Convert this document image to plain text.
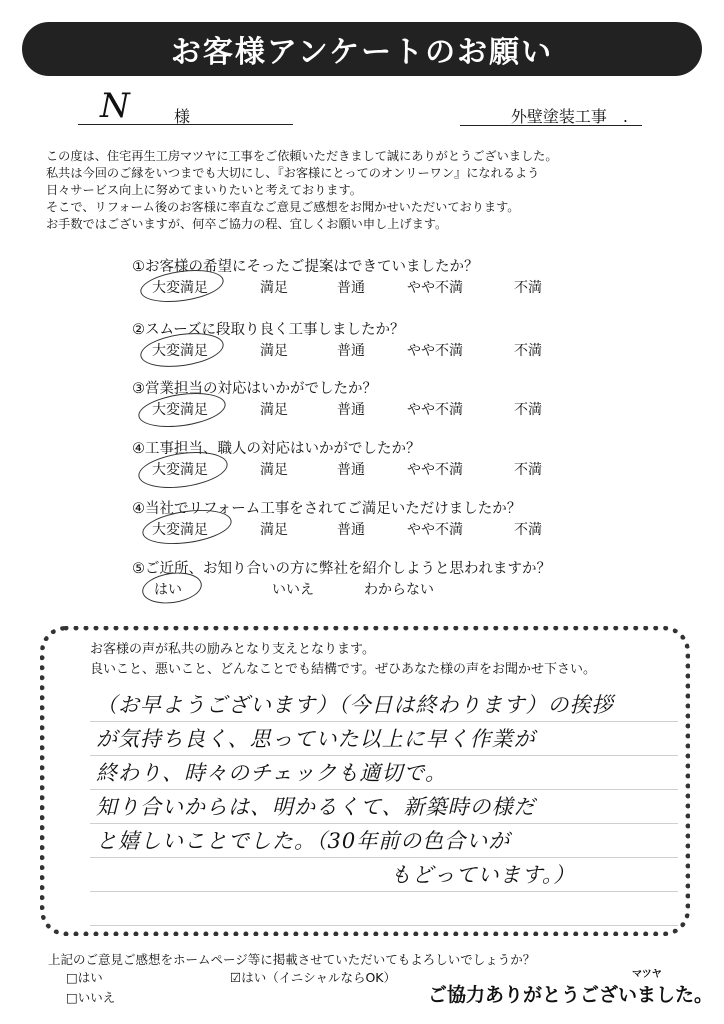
お客様アンケートのお願い
N	様	外壁塗装工事　.
この度は、住宅再生工房マツヤに工事をご依頼いただきまして誠にありがとうございました。
私共は今回のご縁をいつまでも大切にし、『お客様にとってのオンリーワン』になれるよう
日々サービス向上に努めてまいりたいと考えております。
そこで、リフォーム後のお客様に率直なご意見ご感想をお聞かせいただいております。
お手数ではございますが、何卒ご協力の程、宜しくお願い申し上げます。
①お客様の希望にそったご提案はできていましたか？
大変満足	満足	普通	やや不満	不満
②スムーズに段取り良く工事しましたか？
大変満足	満足	普通	やや不満	不満
③営業担当の対応はいかがでしたか？
大変満足	満足	普通	やや不満	不満
④工事担当、職人の対応はいかがでしたか？
大変満足	満足	普通	やや不満	不満
④当社でリフォーム工事をされてご満足いただけましたか？
大変満足	満足	普通	やや不満	不満
⑤ご近所、お知り合いの方に弊社を紹介しようと思われますか？
はい	いいえ	わからない
お客様の声が私共の励みとなり支えとなります。
良いこと、悪いこと、どんなことでも結構です。ぜひあなた様の声をお聞かせ下さい。
（お早ようございます）（今日は終わります）の挨拶
が気持ち良く、思っていた以上に早く作業が
終わり、時々のチェックも適切で。
知り合いからは、明かるくて、新築時の様だ
と嬉しいことでした。（30年前の色合いが
もどっています。）
上記のご意見ご感想をホームページ等に掲載させていただいてもよろしいでしょうか？
□はい	☑はい（イニシャルならOK）
□いいえ
マツヤ
ご協力ありがとうございました。
